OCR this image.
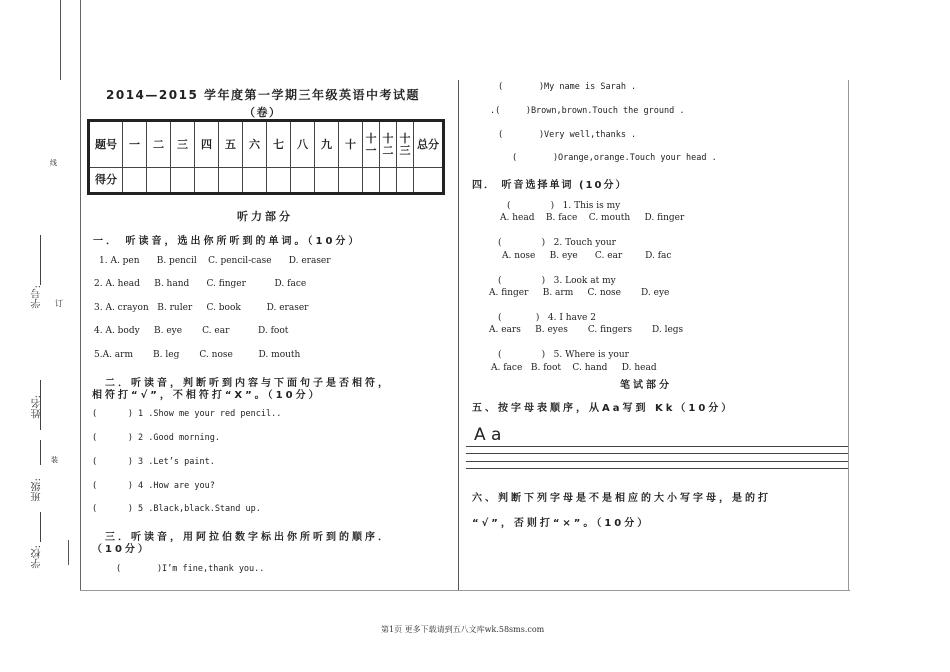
线
学号: 订
姓名:
装
班级:
学校:
2014—2015 学年度第一学期三年级英语中考试题
（卷）
题号	一	二	三	四	五	六	七	八	九	十	十一	十二	十三	总分
得分														
听力部分
一． 听读音，选出你所听到的单词。（10分）
1. A. pen      B. pencil    C. pencil-case      D. eraser
2. A. head     B. hand      C. finger          D. face
3. A. crayon   B. ruler     C. book         D. eraser
4. A. body     B. eye       C. ear          D. foot
5.A. arm       B. leg       C. nose         D. mouth
二．听读音，判断听到内容与下面句子是否相符，
相符打“√”，不相符打“X”。（10分）
(      ) 1 .Show me your red pencil..
(      ) 2 .Good morning.
(      ) 3 .Let’s paint.
(      ) 4 .How are you?
(      ) 5 .Black,black.Stand up.
三．听读音，用阿拉伯数字标出你所听到的顺序．
（10分）
(       )I’m fine,thank you..
(       )My name is Sarah .
.(     )Brown,brown.Touch the ground .
(       )Very well,thanks .
(       )Orange,orange.Touch your head .
四． 听音选择单词 (10分）
(              )   1. This is my
A. head    B. face    C. mouth     D. finger
(              )   2. Touch your
A. nose     B. eye      C. ear        D. fac
(              )   3. Look at my
A. finger     B. arm     C. nose       D. eye
(            )   4. I have 2
A. ears     B. eyes       C. fingers       D. legs
(              )   5. Where is your
A. face   B. foot    C. hand     D. head
笔试部分
五、按字母表顺序，从Aa写到 Kk（10分）
A a
六、判断下列字母是不是相应的大小写字母，是的打
“√”，否则打“×”。（10分）
第1页 更多下载请到五八文库wk.58sms.com
